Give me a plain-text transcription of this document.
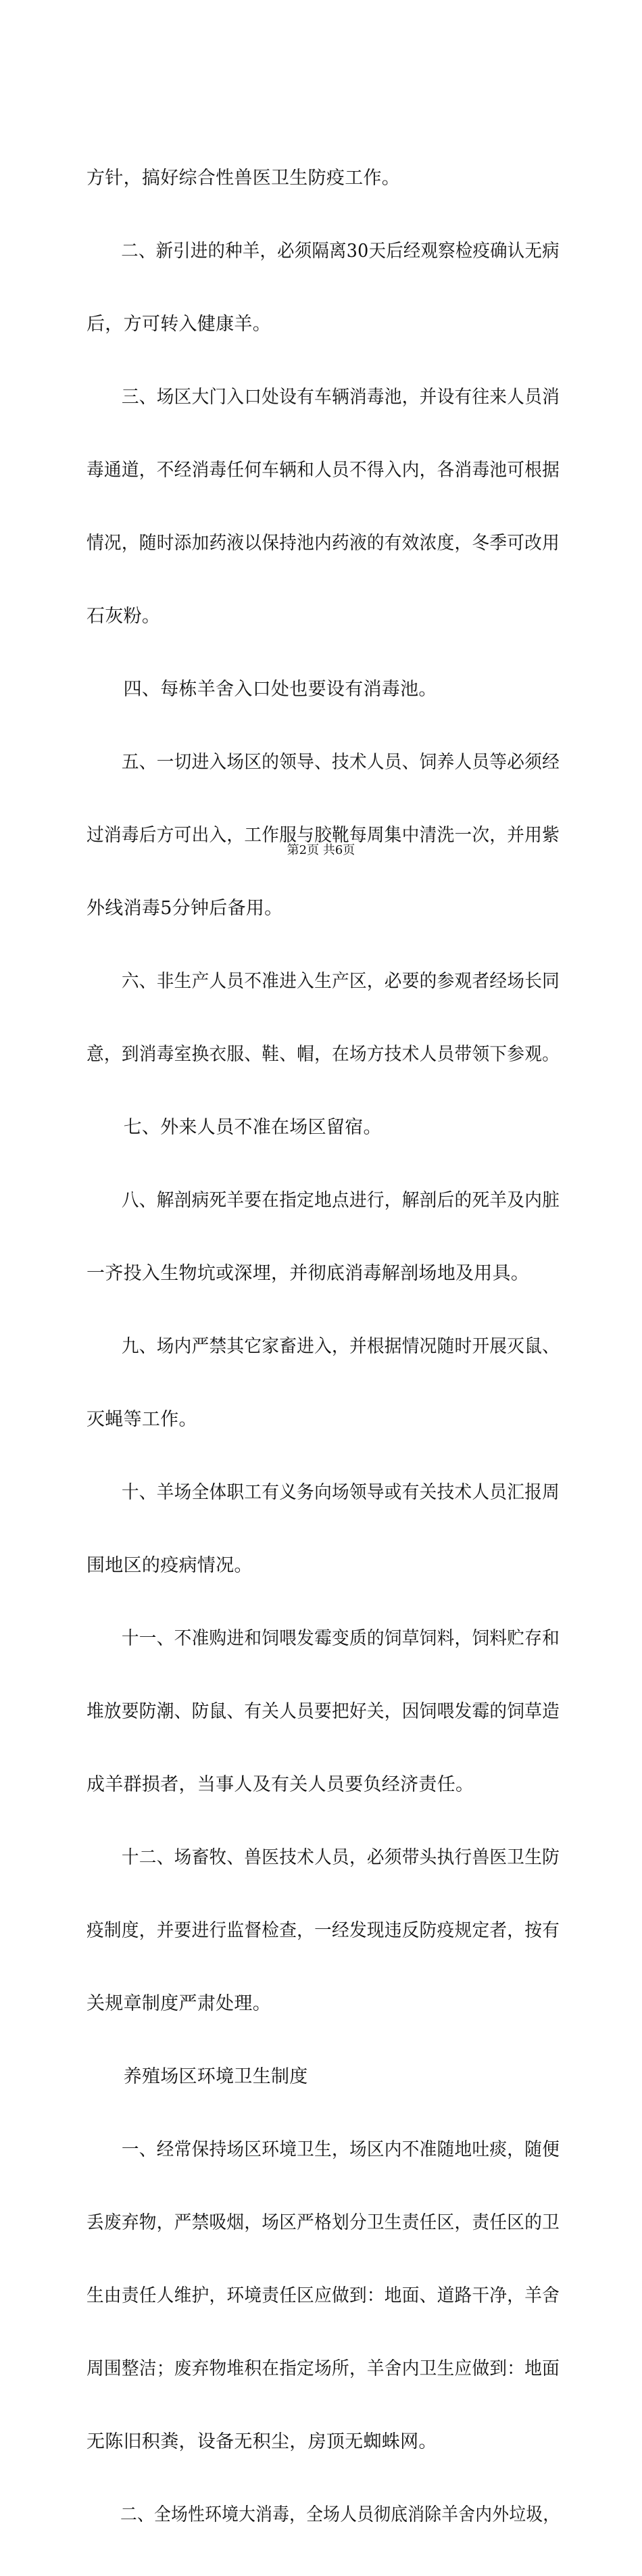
方针，搞好综合性兽医卫生防疫工作。

　　二、新引进的种羊，必须隔离30天后经观察检疫确认无病

后，方可转入健康羊。

　　三、场区大门入口处设有车辆消毒池，并设有往来人员消

毒通道，不经消毒任何车辆和人员不得入内，各消毒池可根据

情况，随时添加药液以保持池内药液的有效浓度，冬季可改用

石灰粉。

　　四、每栋羊舍入口处也要设有消毒池。

　　五、一切进入场区的领导、技术人员、饲养人员等必须经

过消毒后方可出入，工作服与胶靴每周集中清洗一次，并用紫

外线消毒5分钟后备用。

　　六、非生产人员不准进入生产区，必要的参观者经场长同

意，到消毒室换衣服、鞋、帽，在场方技术人员带领下参观。

　　七、外来人员不准在场区留宿。

　　八、解剖病死羊要在指定地点进行，解剖后的死羊及内脏

一齐投入生物坑或深埋，并彻底消毒解剖场地及用具。

　　九、场内严禁其它家畜进入，并根据情况随时开展灭鼠、

灭蝇等工作。

　　十、羊场全体职工有义务向场领导或有关技术人员汇报周

围地区的疫病情况。

　　十一、不准购进和饲喂发霉变质的饲草饲料，饲料贮存和

堆放要防潮、防鼠、有关人员要把好关，因饲喂发霉的饲草造

成羊群损者，当事人及有关人员要负经济责任。

　　十二、场畜牧、兽医技术人员，必须带头执行兽医卫生防

疫制度，并要进行监督检查，一经发现违反防疫规定者，按有

关规章制度严肃处理。

　　养殖场区环境卫生制度

　　一、经常保持场区环境卫生，场区内不准随地吐痰，随便

丢废弃物，严禁吸烟，场区严格划分卫生责任区，责任区的卫

生由责任人维护，环境责任区应做到：地面、道路干净，羊舍

周围整洁；废弃物堆积在指定场所，羊舍内卫生应做到：地面

无陈旧积粪，设备无积尘，房顶无蜘蛛网。

　　二、全场性环境大消毒，全场人员彻底消除羊舍内外垃圾，

第2页 共6页
